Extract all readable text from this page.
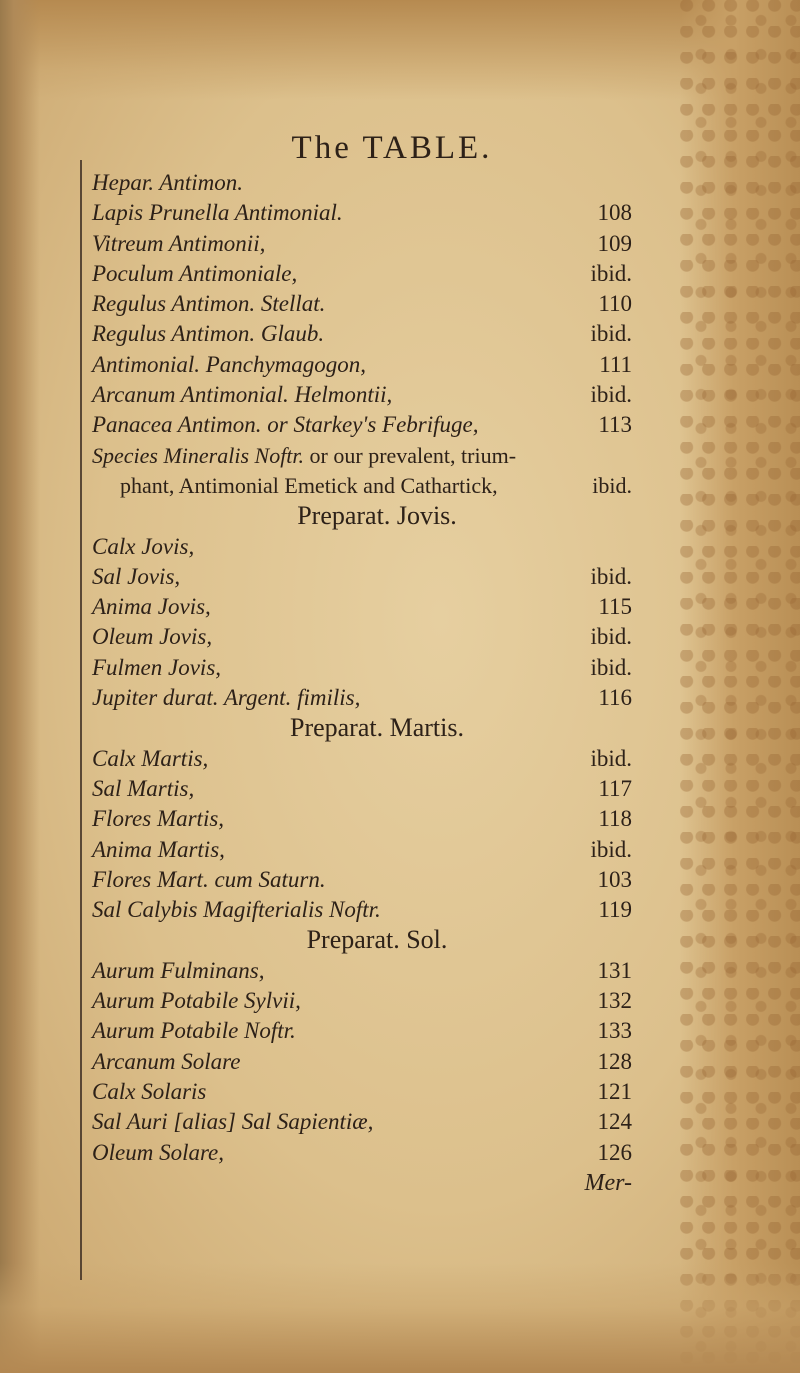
The TABLE.
Hepar. Antimon.
Lapis Prunella Antimonial.	108
Vitreum Antimonii,	109
Poculum Antimoniale,	ibid.
Regulus Antimon. Stellat.	110
Regulus Antimon. Glaub.	ibid.
Antimonial. Panchymagogon,	111
Arcanum Antimonial. Helmontii,	ibid.
Panacea Antimon. or Starkey's Febrifuge,	113
Species Mineralis Noftr. or our prevalent, trium-
phant, Antimonial Emetick and Cathartick,	ibid.
Preparat. Jovis.
Calx Jovis,
Sal Jovis,	ibid.
Anima Jovis,	115
Oleum Jovis,	ibid.
Fulmen Jovis,	ibid.
Jupiter durat. Argent. fimilis,	116
Preparat. Martis.
Calx Martis,	ibid.
Sal Martis,	117
Flores Martis,	118
Anima Martis,	ibid.
Flores Mart. cum Saturn.	103
Sal Calybis Magifterialis Noftr.	119
Preparat. Sol.
Aurum Fulminans,	131
Aurum Potabile Sylvii,	132
Aurum Potabile Noftr.	133
Arcanum Solare	128
Calx Solaris	121
Sal Auri [alias] Sal Sapientiæ,	124
Oleum Solare,	126
Mer-
